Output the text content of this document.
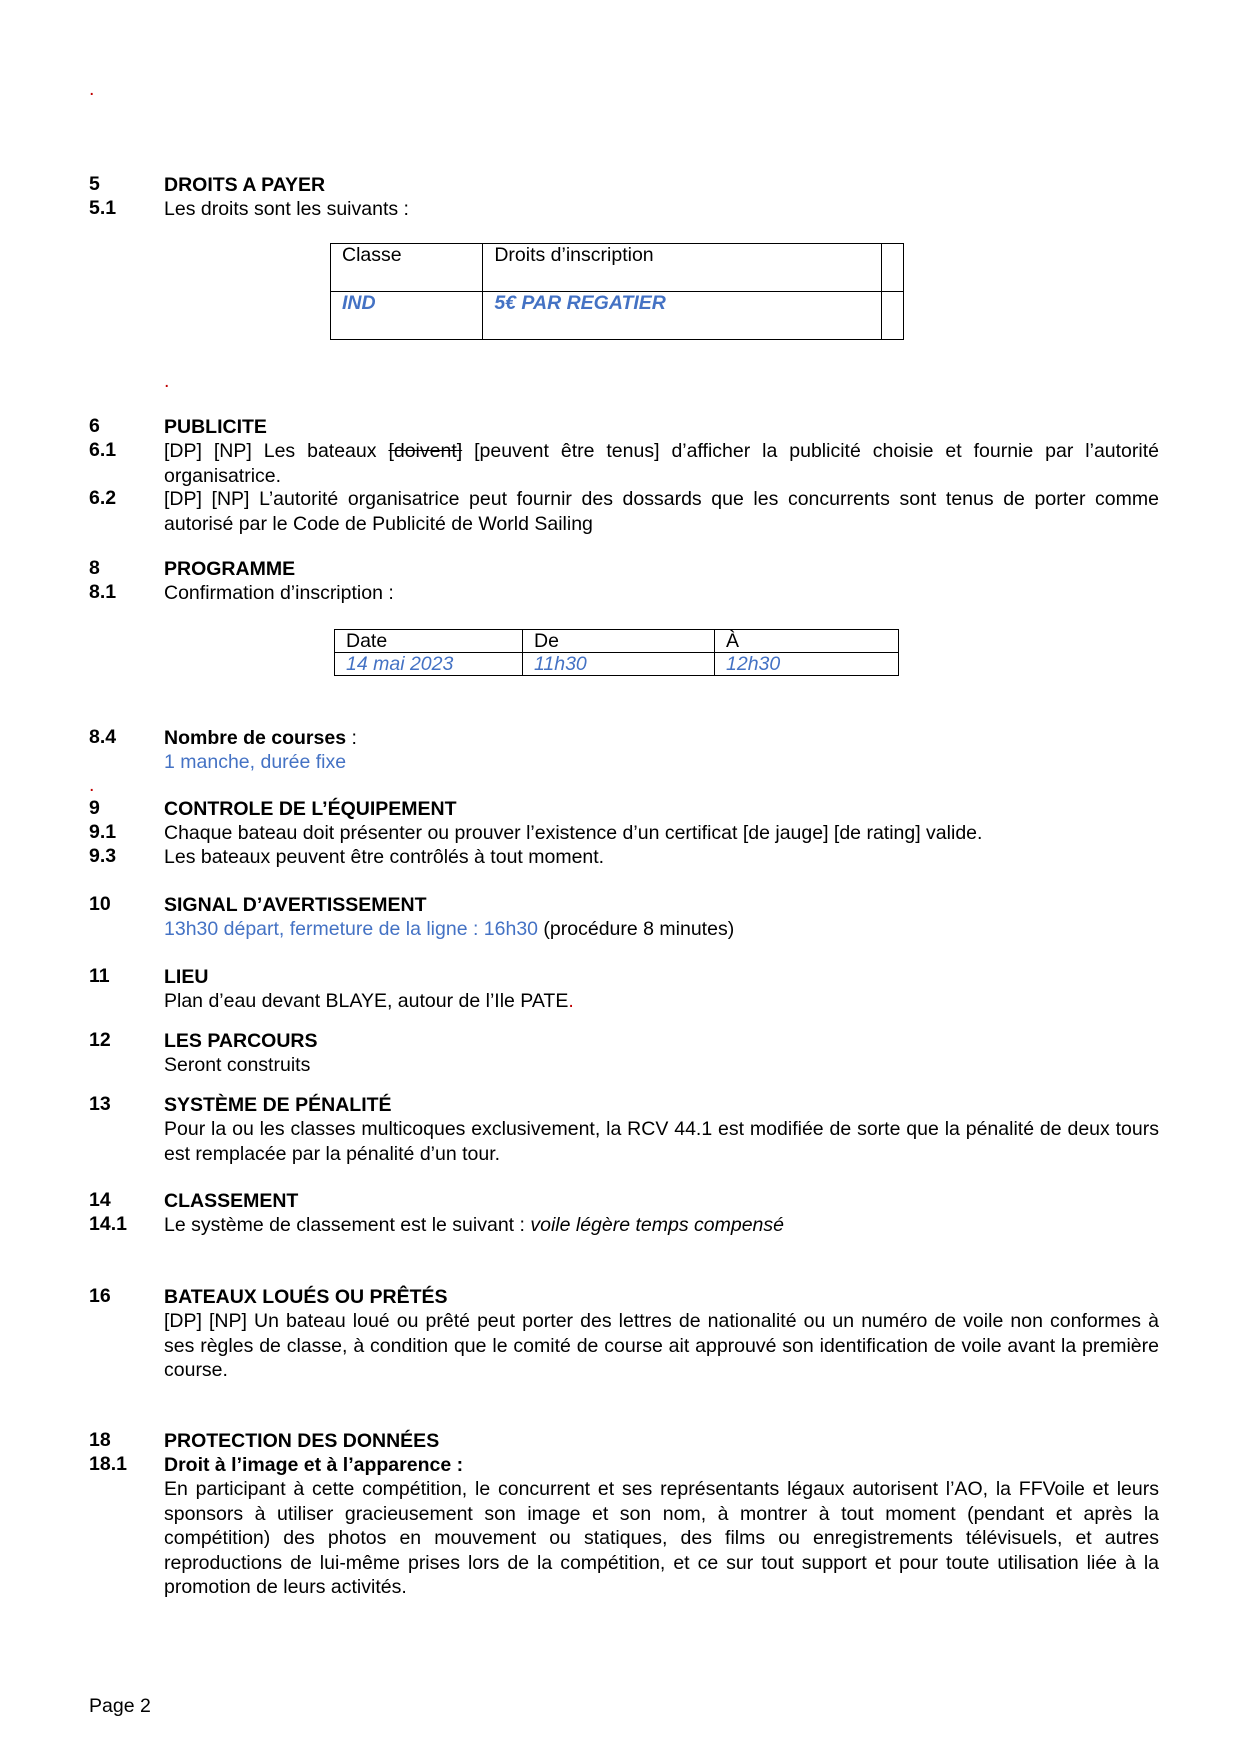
.
5	DROITS A PAYER
5.1 Les droits sont les suivants :
Classe	Droits d’inscription	
IND	5€ PAR REGATIER	
.
6	PUBLICITE
6.1 [DP] [NP] Les bateaux [doivent] [peuvent être tenus] d’afficher la publicité choisie et fournie par l’autorité organisatrice.
6.2 [DP] [NP] L’autorité organisatrice peut fournir des dossards que les concurrents sont tenus de porter comme autorisé par le Code de Publicité de World Sailing
8	PROGRAMME
8.1 Confirmation d’inscription :
Date	De	À
14 mai 2023	11h30	12h30
8.4 Nombre de courses :
1 manche, durée fixe
.
9	CONTROLE DE L’ÉQUIPEMENT
9.1 Chaque bateau doit présenter ou prouver l’existence d’un certificat [de jauge] [de rating] valide.
9.3 Les bateaux peuvent être contrôlés à tout moment.
10	SIGNAL D’AVERTISSEMENT
13h30 départ, fermeture de la ligne : 16h30 (procédure 8 minutes)
11	LIEU
Plan d’eau devant BLAYE, autour de l’Ile PATE.
12	LES PARCOURS
Seront construits
13	SYSTÈME DE PÉNALITÉ
Pour la ou les classes multicoques exclusivement, la RCV 44.1 est modifiée de sorte que la pénalité de deux tours est remplacée par la pénalité d’un tour.
14	CLASSEMENT
14.1 Le système de classement est le suivant : voile légère temps compensé
16	BATEAUX LOUÉS OU PRÊTÉS
[DP] [NP] Un bateau loué ou prêté peut porter des lettres de nationalité ou un numéro de voile non conformes à ses règles de classe, à condition que le comité de course ait approuvé son identification de voile avant la première course.
18	PROTECTION DES DONNÉES
18.1 Droit à l’image et à l’apparence :
En participant à cette compétition, le concurrent et ses représentants légaux autorisent l’AO, la FFVoile et leurs sponsors à utiliser gracieusement son image et son nom, à montrer à tout moment (pendant et après la compétition) des photos en mouvement ou statiques, des films ou enregistrements télévisuels, et autres reproductions de lui-même prises lors de la compétition, et ce sur tout support et pour toute utilisation liée à la promotion de leurs activités.
Page 2
